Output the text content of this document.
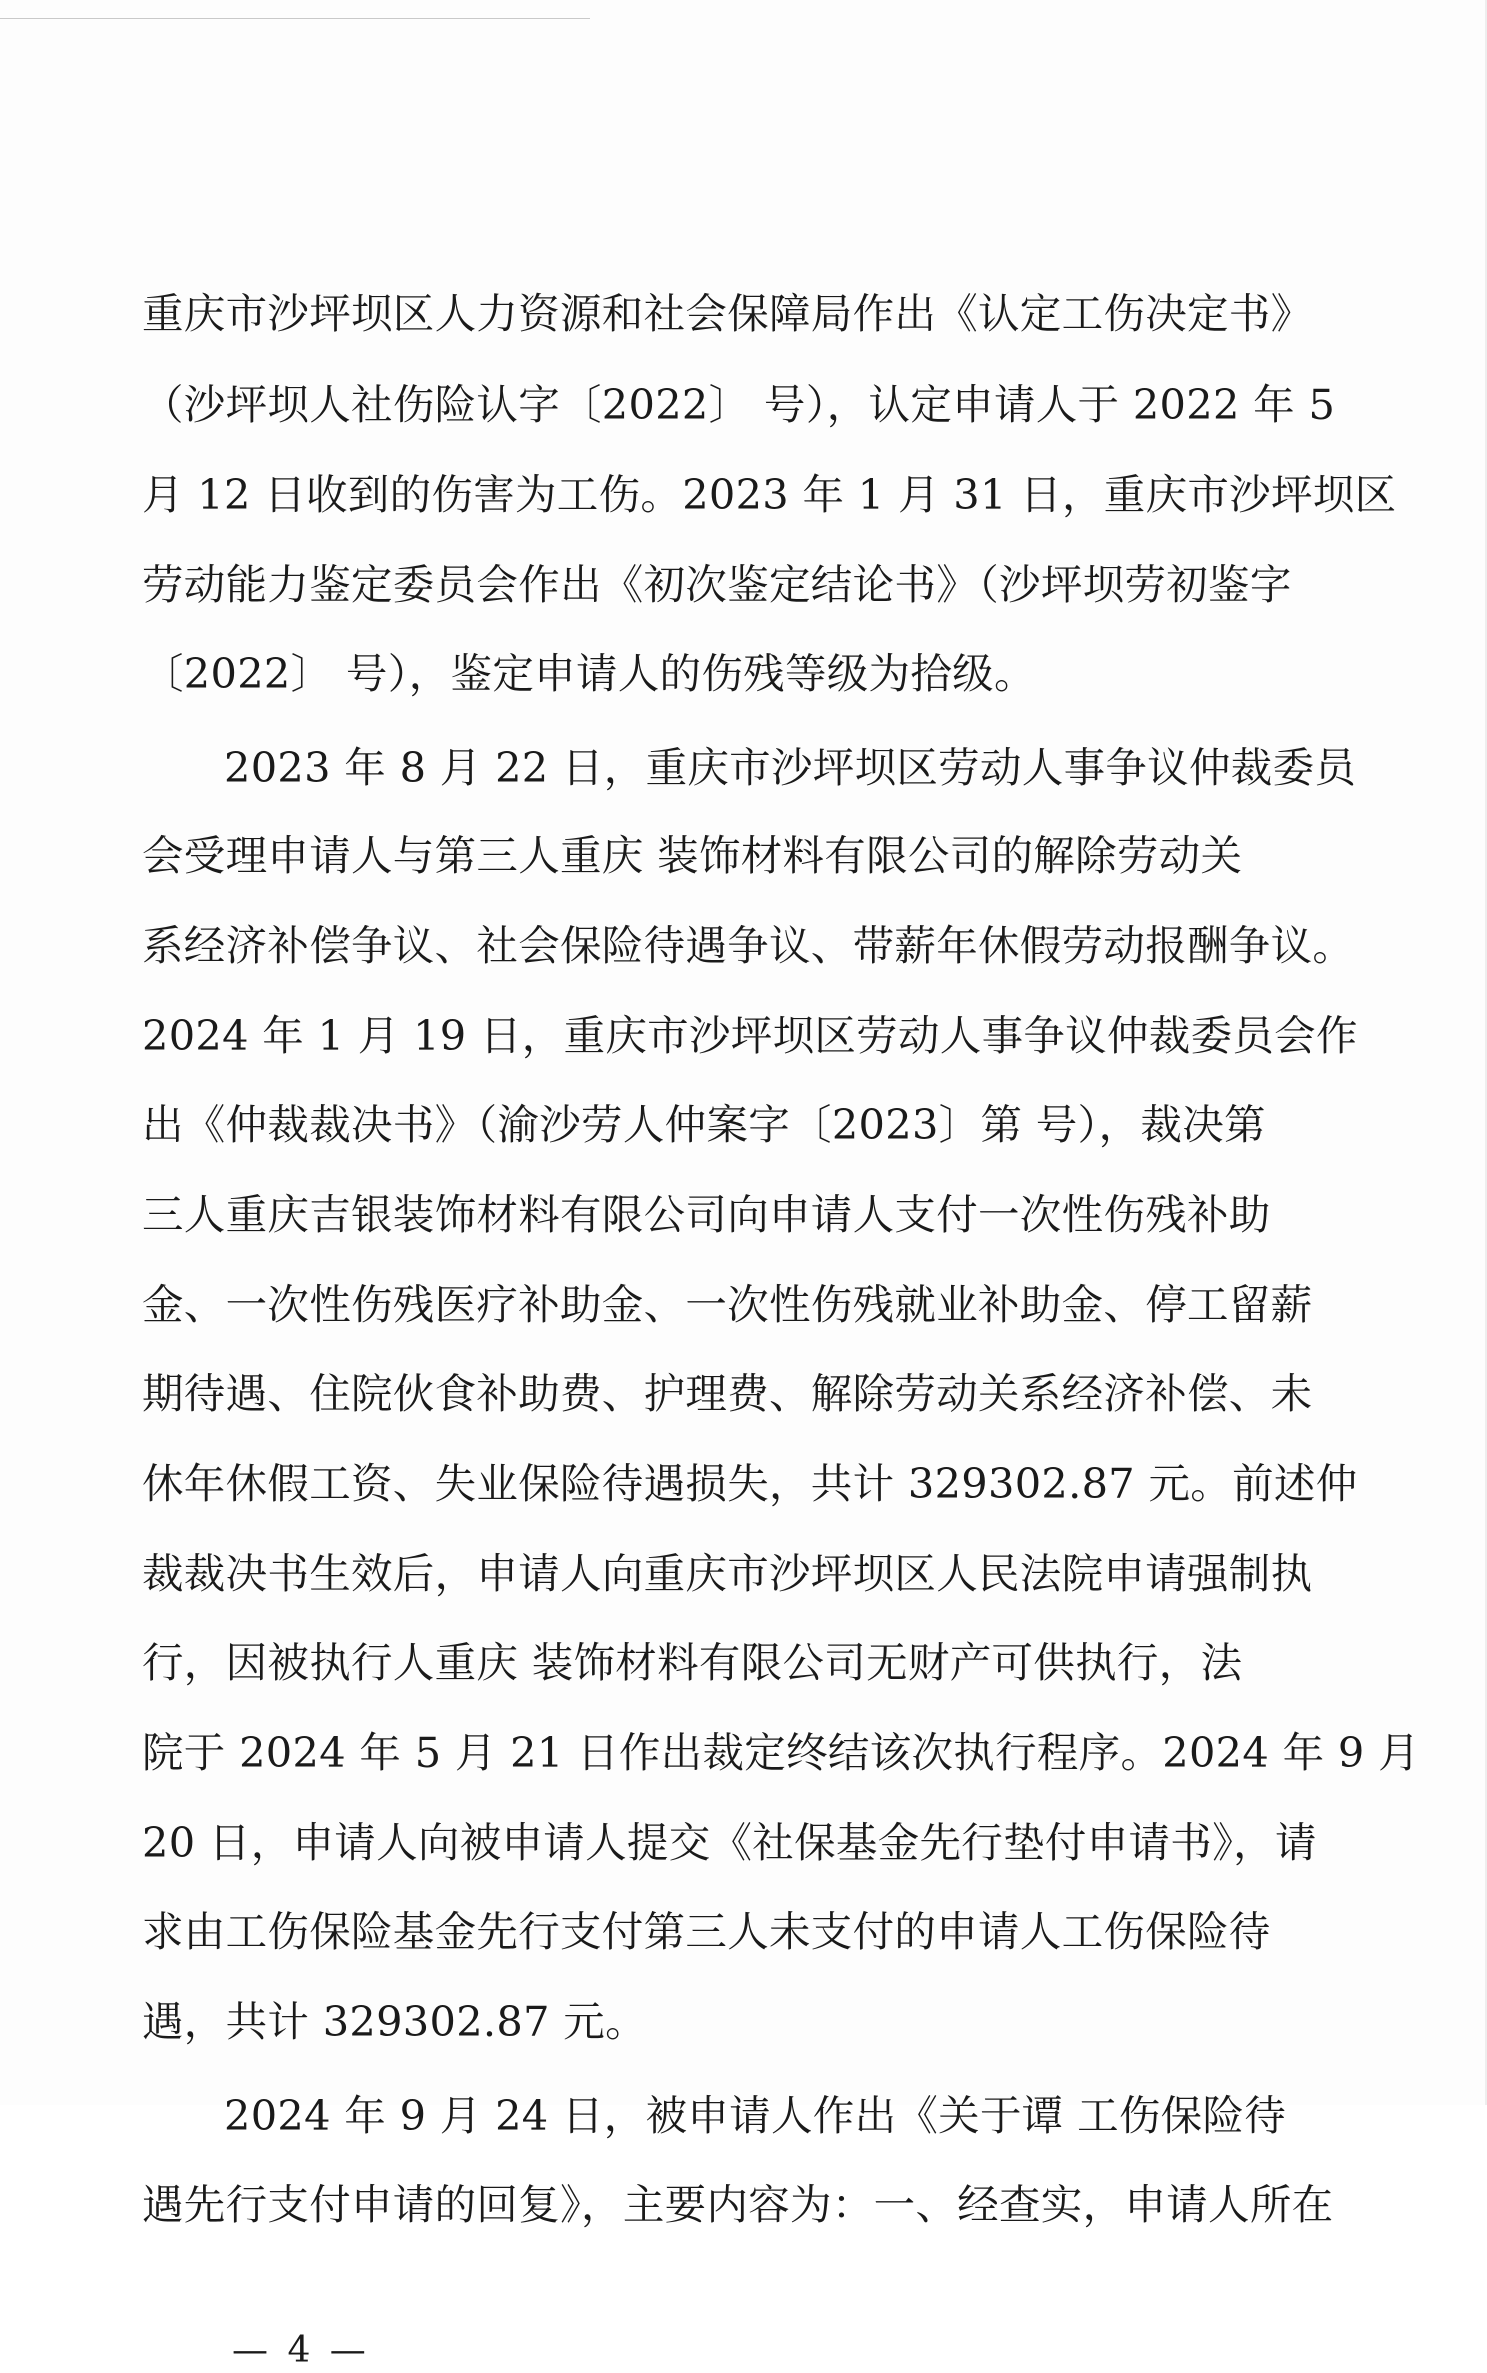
重庆市沙坪坝区人力资源和社会保障局作出《认定工伤决定书》
（沙坪坝人社伤险认字〔2022〕 号），认定申请人于 2022 年 5
月 12 日收到的伤害为工伤。2023 年 1 月 31 日，重庆市沙坪坝区
劳动能力鉴定委员会作出《初次鉴定结论书》（沙坪坝劳初鉴字
〔2022〕 号），鉴定申请人的伤残等级为拾级。
2023 年 8 月 22 日，重庆市沙坪坝区劳动人事争议仲裁委员
会受理申请人与第三人重庆 装饰材料有限公司的解除劳动关
系经济补偿争议、社会保险待遇争议、带薪年休假劳动报酬争议。
2024 年 1 月 19 日，重庆市沙坪坝区劳动人事争议仲裁委员会作
出《仲裁裁决书》（渝沙劳人仲案字〔2023〕第 号），裁决第
三人重庆吉银装饰材料有限公司向申请人支付一次性伤残补助
金、一次性伤残医疗补助金、一次性伤残就业补助金、停工留薪
期待遇、住院伙食补助费、护理费、解除劳动关系经济补偿、未
休年休假工资、失业保险待遇损失，共计 329302.87 元。前述仲
裁裁决书生效后，申请人向重庆市沙坪坝区人民法院申请强制执
行，因被执行人重庆 装饰材料有限公司无财产可供执行，法
院于 2024 年 5 月 21 日作出裁定终结该次执行程序。2024 年 9 月
20 日，申请人向被申请人提交《社保基金先行垫付申请书》，请
求由工伤保险基金先行支付第三人未支付的申请人工伤保险待
遇，共计 329302.87 元。
2024 年 9 月 24 日，被申请人作出《关于谭 工伤保险待
遇先行支付申请的回复》，主要内容为：一、经查实，申请人所在
— 4 —
